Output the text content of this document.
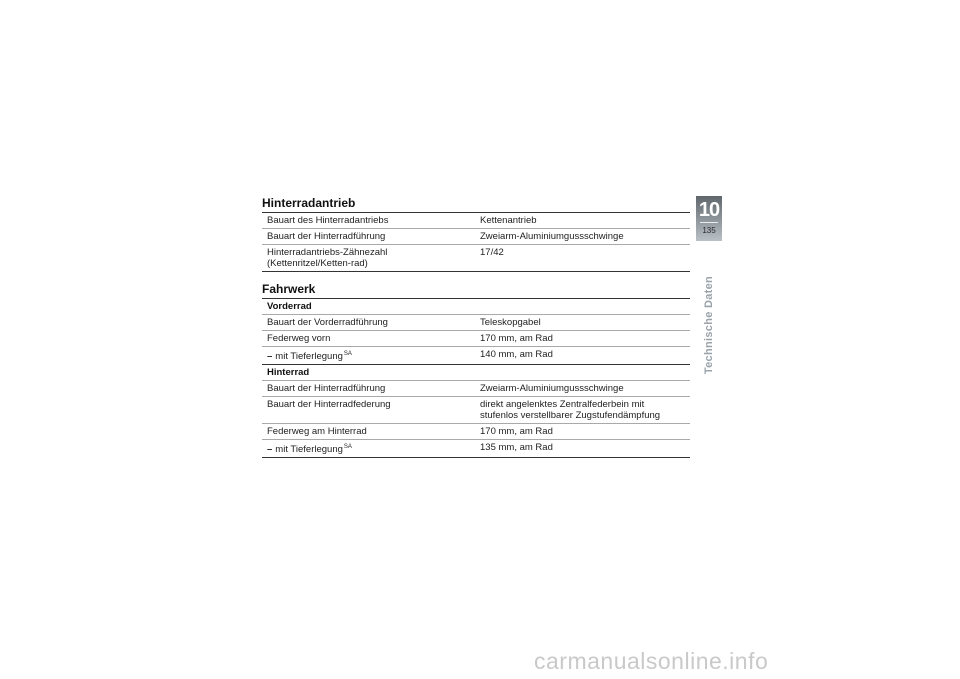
Hinterradantrieb
Bauart des Hinterradantriebs	Kettenantrieb
Bauart der Hinterradführung	Zweiarm-Aluminiumgussschwinge
Hinterradantriebs-Zähnezahl (Kettenritzel/Ketten-rad)	17/42
Fahrwerk
Vorderrad	
Bauart der Vorderradführung	Teleskopgabel
Federweg vorn	170 mm, am Rad
– mit Tieferlegung$^{SA}$	140 mm, am Rad
Hinterrad	
Bauart der Hinterradführung	Zweiarm-Aluminiumgussschwinge
Bauart der Hinterradfederung	direkt angelenktes Zentralfederbein mit stufenlos verstellbarer Zugstufendämpfung
Federweg am Hinterrad	170 mm, am Rad
– mit Tieferlegung$^{SA}$	135 mm, am Rad
10
135
Technische Daten
carmanualsonline.info
